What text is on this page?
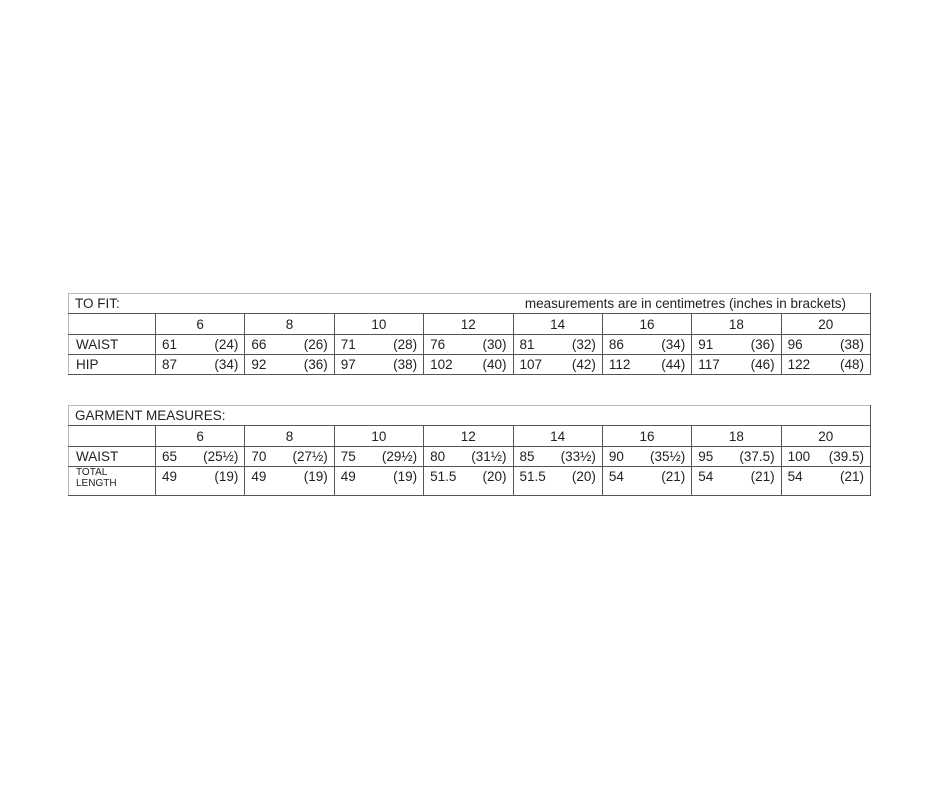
TO FIT: measurements are in centimetres (inches in brackets)								

	6	8	10	12	14	16	18	20
WAIST	61 (24)	66 (26)	71 (28)	76 (30)	81 (32)	86 (34)	91 (36)	96 (38)

HIP	87 (34)	92 (36)	97 (38)	102 (40)	107 (42)	112 (44)	117 (46)	122 (48)
GARMENT MEASURES:								

	6	8	10	12	14	16	18	20
WAIST	65 (25½)	70 (27½)	75 (29½)	80 (31½)	85 (33½)	90 (35½)	95 (37.5)	100 (39.5)

TOTAL
LENGTH	49 (19)	49 (19)	49 (19)	51.5 (20)	51.5 (20)	54 (21)	54 (21)	54 (21)
